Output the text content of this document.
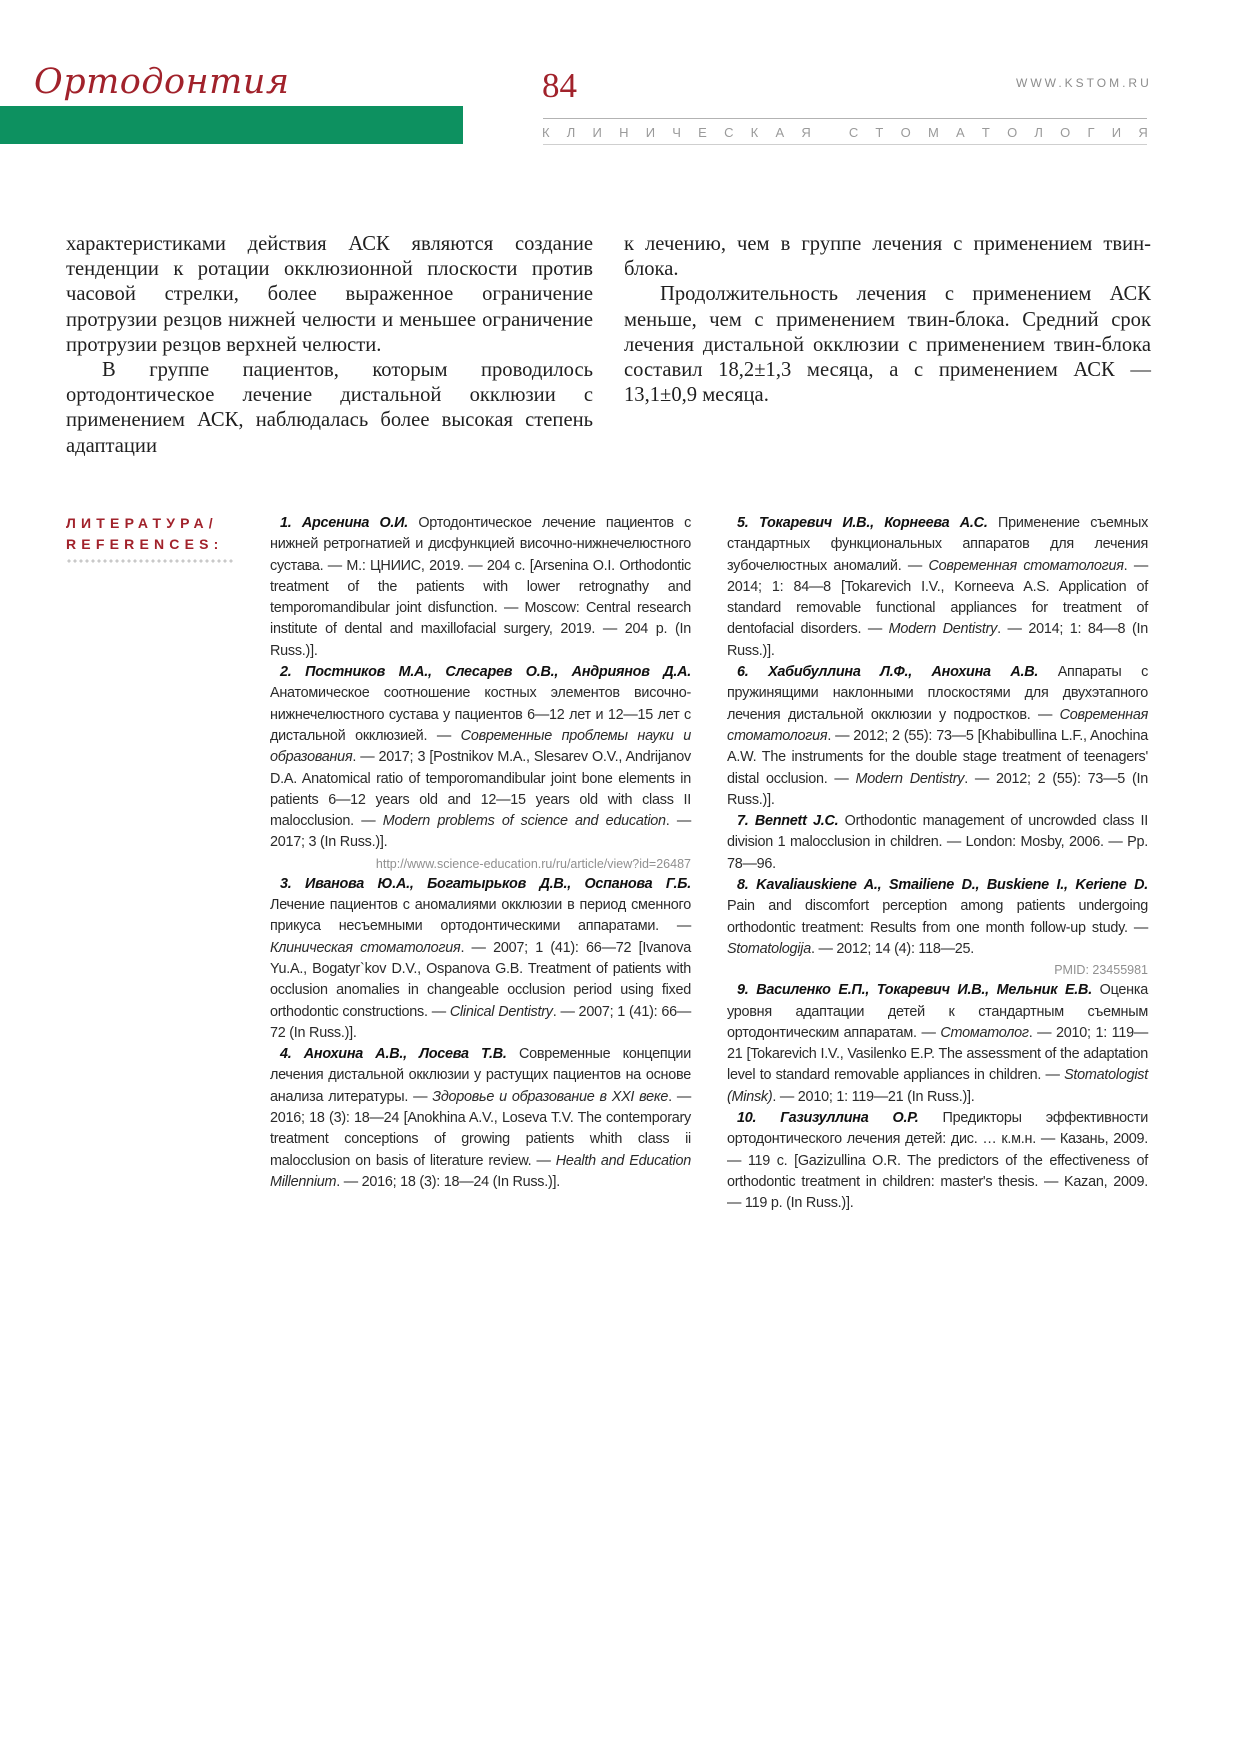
Ортодонтия	84	WWW.KSTOM.RU
К Л И Н И Ч Е С К А Я
	С Т О М А Т О Л О Г И Я

характеристиками действия АСК являются создание тенденции к ротации окклюзионной плоскости против часовой стрелки, более выраженное ограничение протрузии резцов нижней челюсти и меньшее ограничение протрузии резцов верхней челюсти.

В группе пациентов, которым проводилось ортодонтическое лечение дистальной окклюзии с применением АСК, наблюдалась более высокая степень адаптации

к лечению, чем в группе лечения с применением твин-блока.

Продолжительность лечения с применением АСК меньше, чем с применением твин-блока. Средний срок лечения дистальной окклюзии с применением твин-блока составил 18,2±1,3 месяца, а с применением АСК — 13,1±0,9 месяца.

ЛИТЕРАТУРА/
REFERENCES:

1. Арсенина О.И. Ортодонтическое лечение пациентов с нижней ретрогнатией и дисфункцией височно-нижнечелюстного сустава. — М.: ЦНИИС, 2019. — 204 с. [Arsenina O.I. Orthodontic treatment of the patients with lower retrognathy and temporomandibular joint disfunction. — Moscow: Central research institute of dental and maxillofacial surgery, 2019. — 204 p. (In Russ.)].

2. Постников М.А., Слесарев О.В., Андриянов Д.А. Анатомическое соотношение костных элементов височно-нижнечелюстного сустава у пациентов 6—12 лет и 12—15 лет с дистальной окклюзией. — Современные проблемы науки и образования. — 2017; 3 [Postnikov M.A., Slesarev O.V., Andrijanov D.A. Anatomical ratio of temporomandibular joint bone elements in patients 6—12 years old and 12—15 years old with class II malocclusion. — Modern problems of science and education. — 2017; 3 (In Russ.)].

http://www.science-education.ru/ru/article/view?id=26487

3. Иванова Ю.А., Богатырьков Д.В., Оспанова Г.Б. Лечение пациентов с аномалиями окклюзии в период сменного прикуса несъемными ортодонтическими аппаратами. — Клиническая стоматология. — 2007; 1 (41): 66—72 [Ivanova Yu.A., Bogatyr`kov D.V., Ospanova G.B. Treatment of patients with occlusion anomalies in changeable occlusion period using fixed orthodontic constructions. — Clinical Dentistry. — 2007; 1 (41): 66—72 (In Russ.)].

4. Анохина А.В., Лосева Т.В. Современные концепции лечения дистальной окклюзии у растущих пациентов на основе анализа литературы. — Здоровье и образование в XXI веке. — 2016; 18 (3): 18—24 [Anokhina A.V., Loseva T.V. The contemporary treatment conceptions of growing patients whith class ii malocclusion on basis of literature review. — Health and Education Millennium. — 2016; 18 (3): 18—24 (In Russ.)].

5. Токаревич И.В., Корнеева А.С. Применение съемных стандартных функциональных аппаратов для лечения зубочелюстных аномалий. — Современная стоматология. — 2014; 1: 84—8 [Tokarevich I.V., Korneeva A.S. Application of standard removable functional appliances for treatment of dentofacial disorders. — Modern Dentistry. — 2014; 1: 84—8 (In Russ.)].

6. Хабибуллина Л.Ф., Анохина А.В. Аппараты с пружинящими наклонными плоскостями для двухэтапного лечения дистальной окклюзии у подростков. — Современная стоматология. — 2012; 2 (55): 73—5 [Khabibullina L.F., Anochina A.W. The instruments for the double stage treatment of teenagers' distal occlusion. — Modern Dentistry. — 2012; 2 (55): 73—5 (In Russ.)].

7. Bennett J.C. Orthodontic management of uncrowded class II division 1 malocclusion in children. — London: Mosby, 2006. — Pp. 78—96.

8. Kavaliauskiene A., Smailiene D., Buskiene I., Keriene D. Pain and discomfort perception among patients undergoing orthodontic treatment: Results from one month follow-up study. — Stomatologija. — 2012; 14 (4): 118—25.

PMID: 23455981

9. Василенко Е.П., Токаревич И.В., Мельник Е.В. Оценка уровня адаптации детей к стандартным съемным ортодонтическим аппаратам. — Стоматолог. — 2010; 1: 119—21 [Tokarevich I.V., Vasilenko E.P. The assessment of the adaptation level to standard removable appliances in children. — Stomatologist (Minsk). — 2010; 1: 119—21 (In Russ.)].

10. Газизуллина О.Р. Предикторы эффективности ортодонтического лечения детей: дис. … к.м.н. — Казань, 2009. — 119 с. [Gazizullina O.R. The predictors of the effectiveness of orthodontic treatment in children: master's thesis. — Kazan, 2009. — 119 p. (In Russ.)].
